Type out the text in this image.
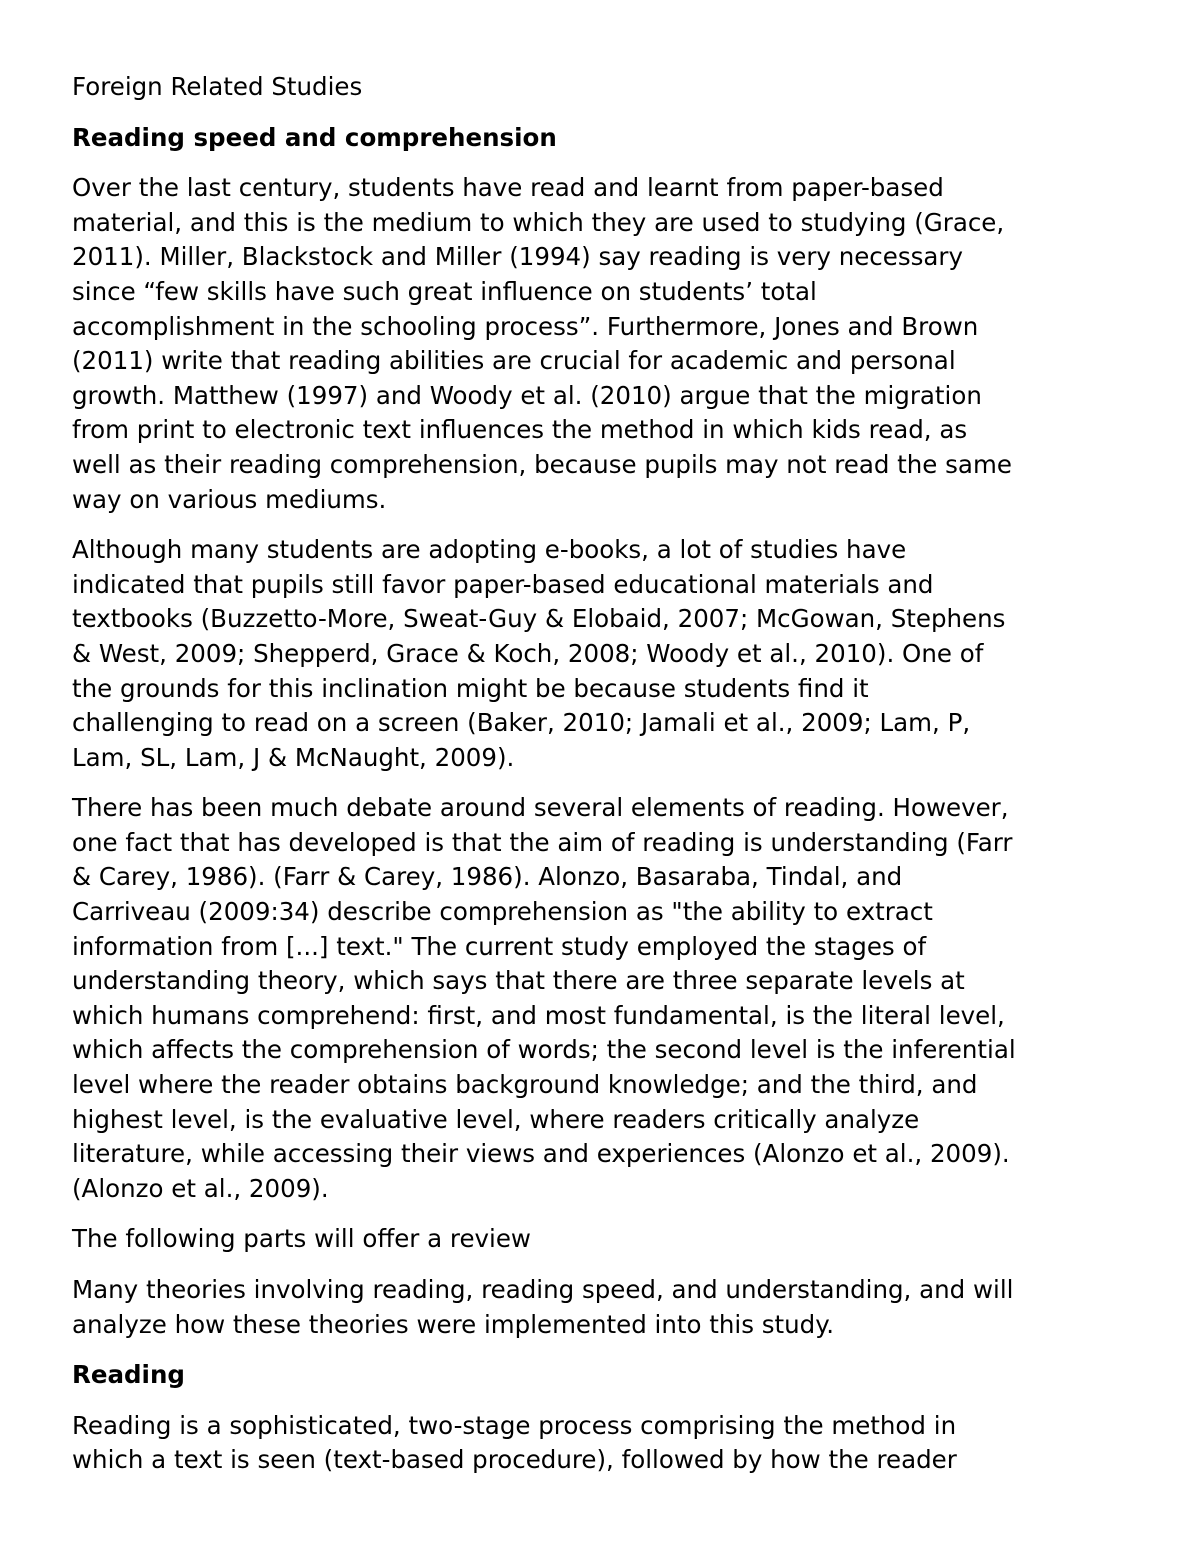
Foreign Related Studies
Reading speed and comprehension
Over the last century, students have read and learnt from paper-based
material, and this is the medium to which they are used to studying (Grace,
2011). Miller, Blackstock and Miller (1994) say reading is very necessary
since “few skills have such great influence on students’ total
accomplishment in the schooling process”. Furthermore, Jones and Brown
(2011) write that reading abilities are crucial for academic and personal
growth. Matthew (1997) and Woody et al. (2010) argue that the migration
from print to electronic text influences the method in which kids read, as
well as their reading comprehension, because pupils may not read the same
way on various mediums.
Although many students are adopting e-books, a lot of studies have
indicated that pupils still favor paper-based educational materials and
textbooks (Buzzetto-More, Sweat-Guy & Elobaid, 2007; McGowan, Stephens
& West, 2009; Shepperd, Grace & Koch, 2008; Woody et al., 2010). One of
the grounds for this inclination might be because students find it
challenging to read on a screen (Baker, 2010; Jamali et al., 2009; Lam, P,
Lam, SL, Lam, J & McNaught, 2009).
There has been much debate around several elements of reading. However,
one fact that has developed is that the aim of reading is understanding (Farr
& Carey, 1986). (Farr & Carey, 1986). Alonzo, Basaraba, Tindal, and
Carriveau (2009:34) describe comprehension as "the ability to extract
information from [...] text." The current study employed the stages of
understanding theory, which says that there are three separate levels at
which humans comprehend: first, and most fundamental, is the literal level,
which affects the comprehension of words; the second level is the inferential
level where the reader obtains background knowledge; and the third, and
highest level, is the evaluative level, where readers critically analyze
literature, while accessing their views and experiences (Alonzo et al., 2009).
(Alonzo et al., 2009).
The following parts will offer a review
Many theories involving reading, reading speed, and understanding, and will
analyze how these theories were implemented into this study.
Reading
Reading is a sophisticated, two-stage process comprising the method in
which a text is seen (text-based procedure), followed by how the reader
